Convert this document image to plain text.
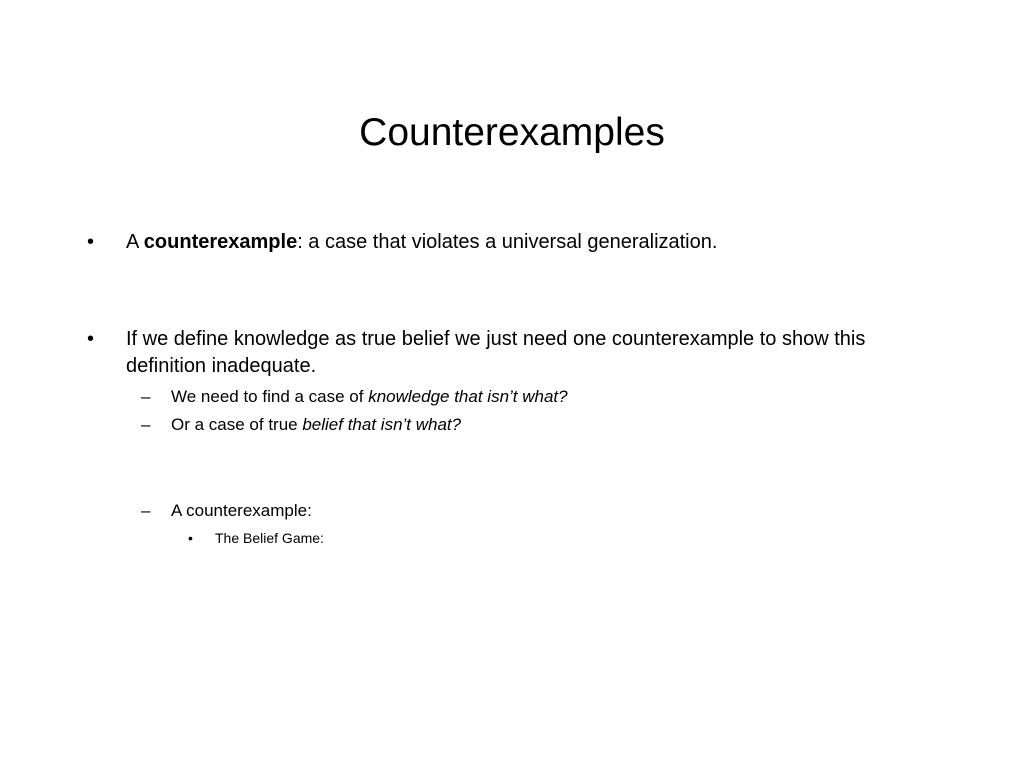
Counterexamples
• A counterexample: a case that violates a universal generalization.
• If we define knowledge as true belief we just need one counterexample to show this definition inadequate.
– We need to find a case of knowledge that isn’t what?
– Or a case of true belief that isn’t what?
– A counterexample:
• The Belief Game:
